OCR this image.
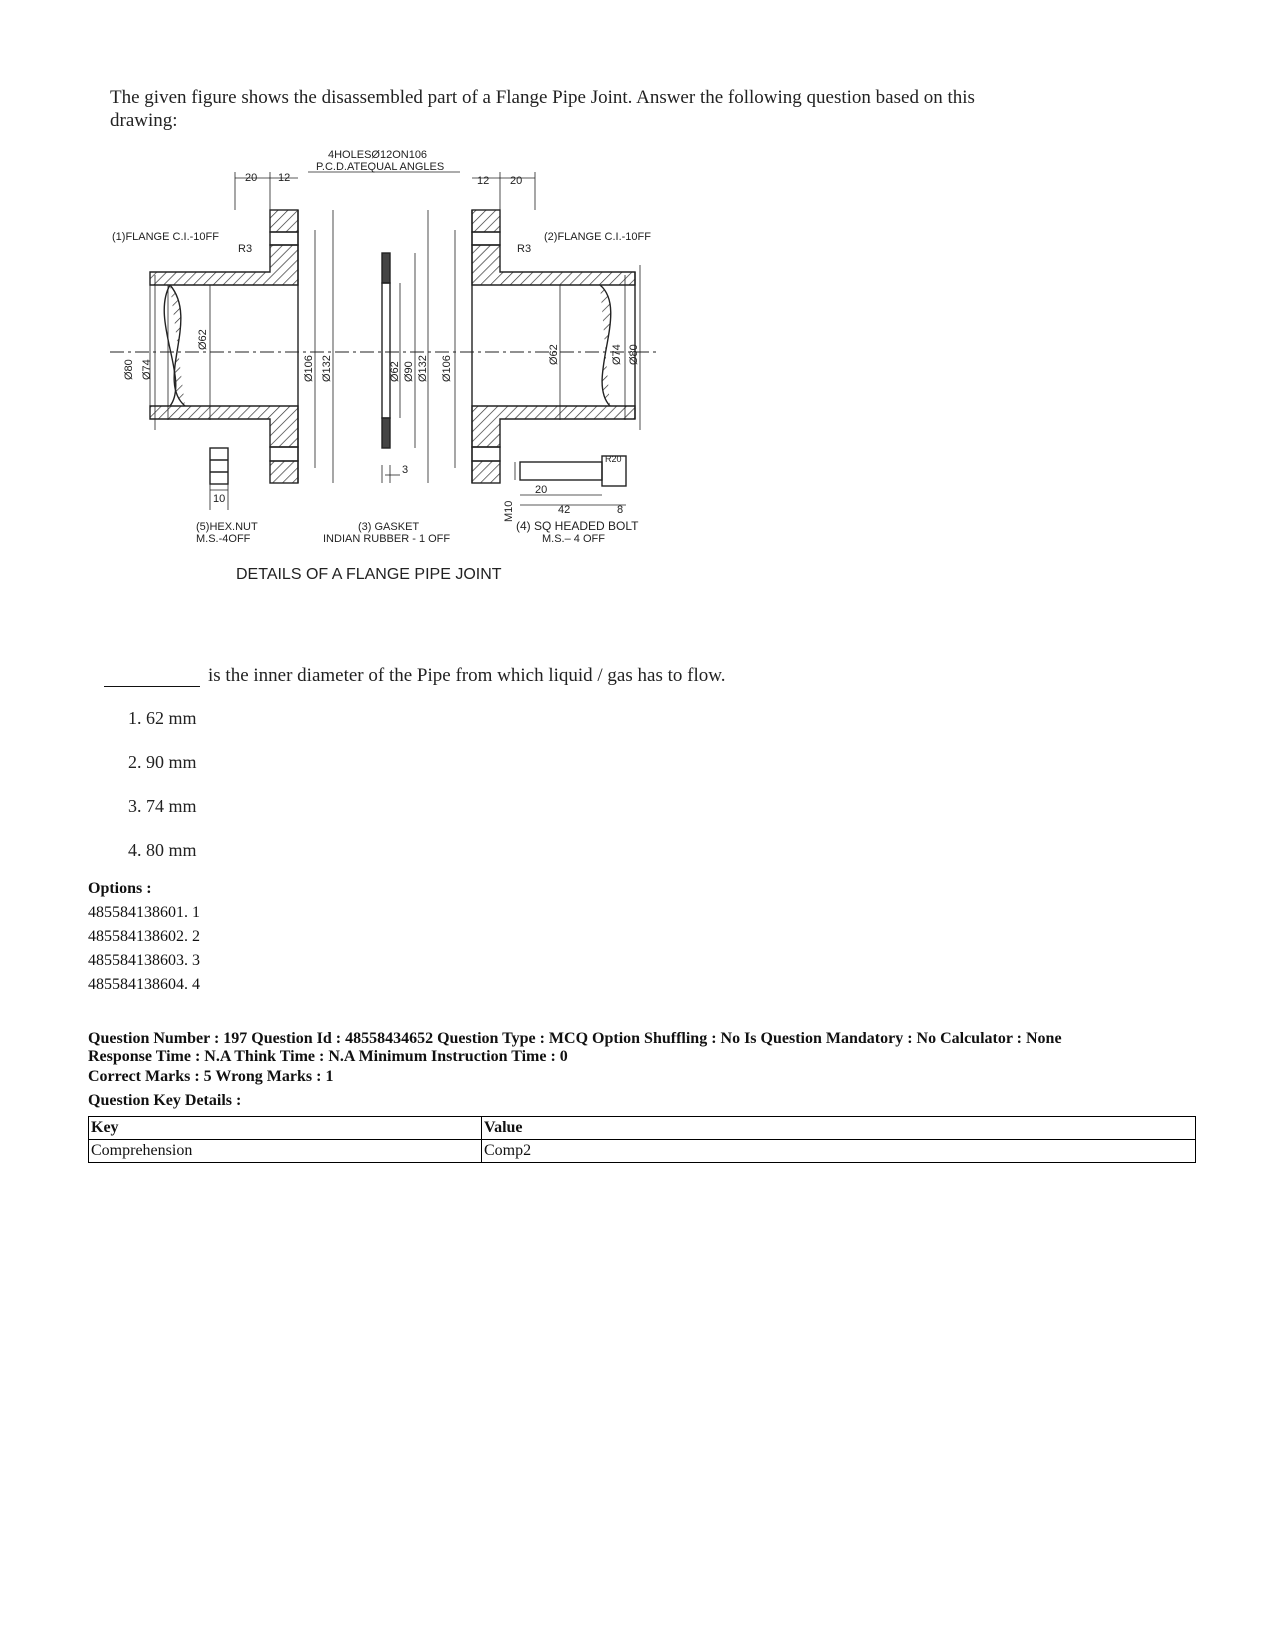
The given figure shows the disassembled part of a Flange Pipe Joint. Answer the following question based on this drawing:
4HOLESØ12ON106
P.C.D.ATEQUAL ANGLES
20 12	12 20
(1)FLANGE C.I.-10FF	(2)FLANGE C.I.-10FF
R3	R3
Ø80 Ø74
Ø62
Ø106 Ø132	Ø62 Ø90 Ø132 Ø106
Ø62	Ø74 Ø80
3
10
M10
20
42	8
R20
(5)HEX.NUT
M.S.-4OFF
(3) GASKET
INDIAN RUBBER - 1 OFF
(4) SQ HEADED BOLT
M.S.– 4 OFF
DETAILS OF A FLANGE PIPE JOINT
is the inner diameter of the Pipe from which liquid / gas has to flow.
1. 62 mm
2. 90 mm
3. 74 mm
4. 80 mm
Options :
485584138601. 1
485584138602. 2
485584138603. 3
485584138604. 4
Question Number : 197 Question Id : 48558434652 Question Type : MCQ Option Shuffling : No Is Question Mandatory : No Calculator : None
Response Time : N.A Think Time : N.A Minimum Instruction Time : 0
Correct Marks : 5 Wrong Marks : 1
Question Key Details :
Key	Value
Comprehension	Comp2
